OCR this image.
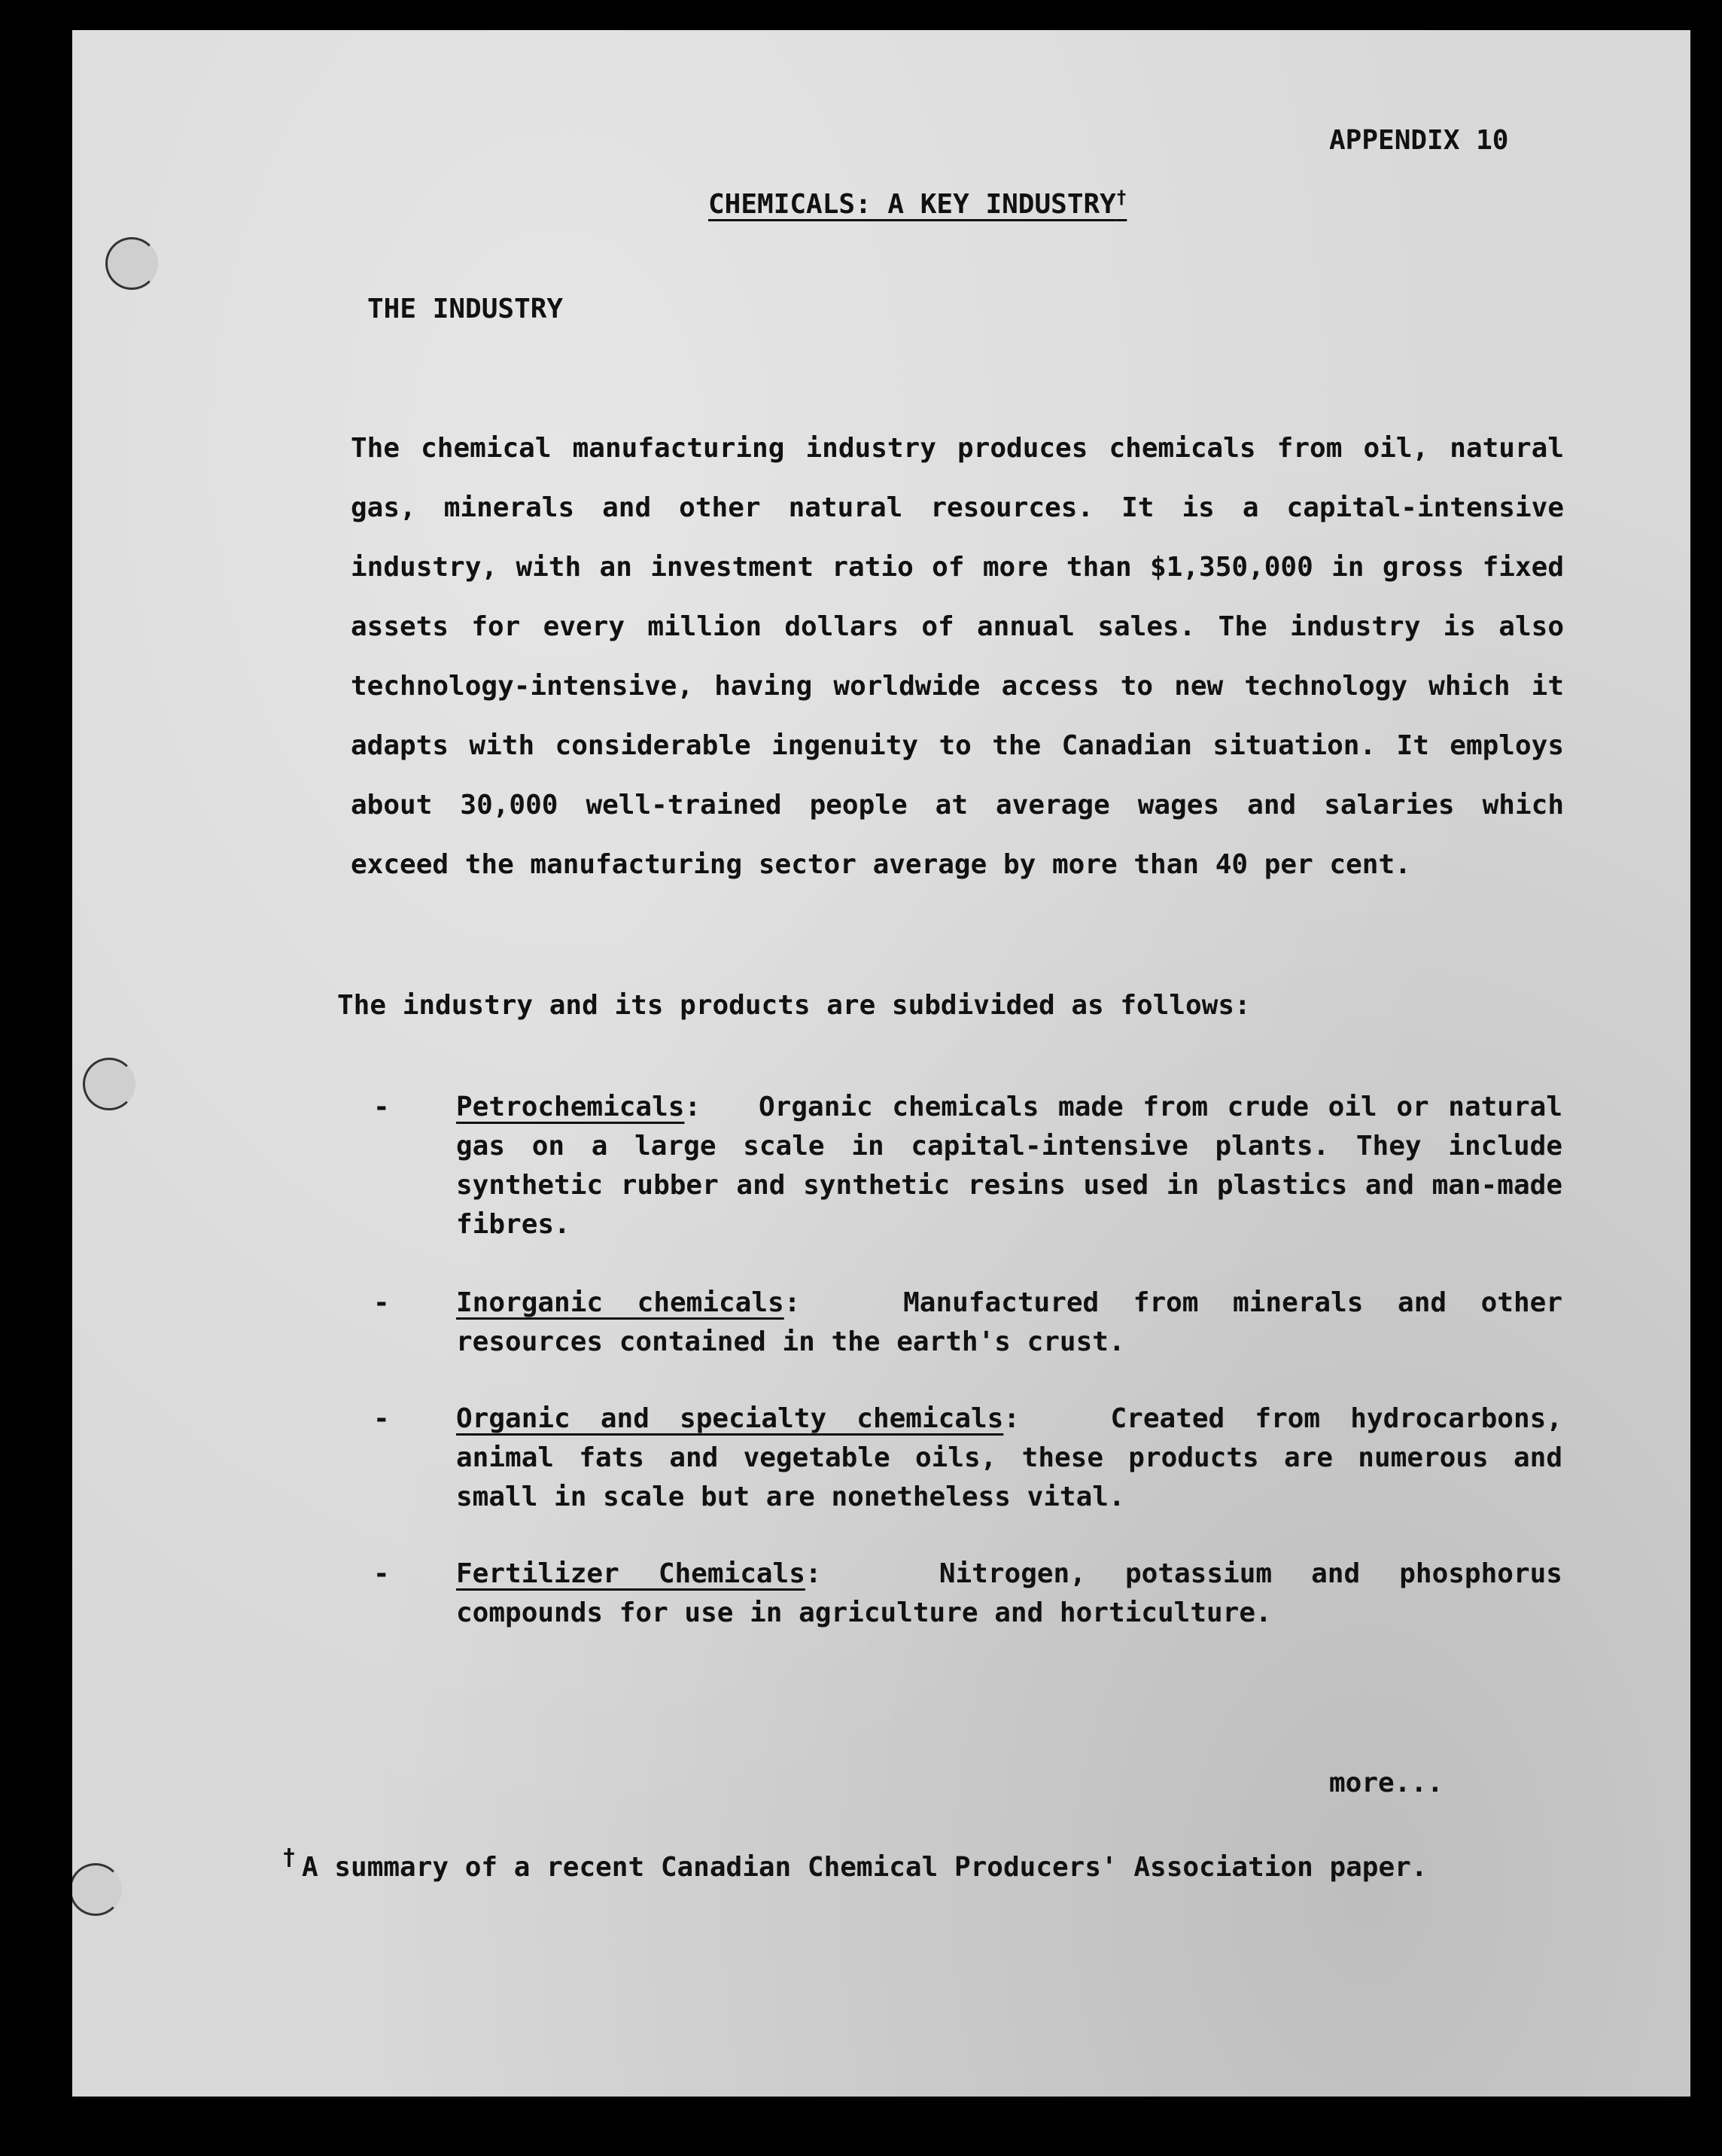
APPENDIX 10
CHEMICALS: A KEY INDUSTRY†
THE INDUSTRY

The chemical manufacturing industry produces chemicals from oil, natural gas, minerals and other natural resources. It is a capital-intensive industry, with an investment ratio of more than $1,350,000 in gross fixed assets for every million dollars of annual sales. The industry is also technology-intensive, having worldwide access to new technology which it adapts with considerable ingenuity to the Canadian situation. It employs about 30,000 well-trained people at average wages and salaries which exceed the manufacturing sector average by more than 40 per cent.

The industry and its products are subdivided as follows:
- Petrochemicals:   Organic chemicals made from crude oil or natural gas on a large scale in capital-intensive plants. They include synthetic rubber and synthetic resins used in plastics and man-made fibres.
- Inorganic chemicals:   Manufactured from minerals and other resources contained in the earth's crust.
- Organic and specialty chemicals:   Created from hydrocarbons, animal fats and vegetable oils, these products are numerous and small in scale but are nonetheless vital.
- Fertilizer Chemicals:   Nitrogen, potassium and phosphorus compounds for use in agriculture and horticulture.
more...
† A summary of a recent Canadian Chemical Producers' Association paper.
